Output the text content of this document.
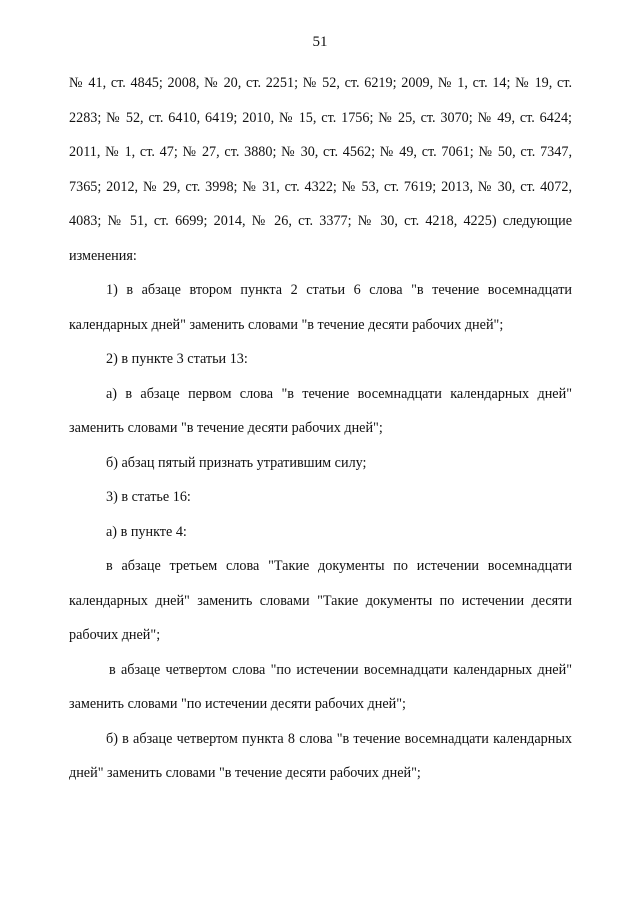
51

№ 41, ст. 4845; 2008, № 20, ст. 2251; № 52, ст. 6219; 2009, № 1, ст. 14; № 19, ст. 2283; № 52, ст. 6410, 6419; 2010, № 15, ст. 1756; № 25, ст. 3070; № 49, ст. 6424; 2011, № 1, ст. 47; № 27, ст. 3880; № 30, ст. 4562; № 49, ст. 7061; № 50, ст. 7347, 7365; 2012, № 29, ст. 3998; № 31, ст. 4322; № 53, ст. 7619; 2013, № 30, ст. 4072, 4083; № 51, ст. 6699; 2014, № 26, ст. 3377; № 30, ст. 4218, 4225) следующие изменения:

1) в абзаце втором пункта 2 статьи 6 слова "в течение восемнадцати календарных дней" заменить словами "в течение десяти рабочих дней";

2) в пункте 3 статьи 13:

а) в абзаце первом слова "в течение восемнадцати календарных дней" заменить словами "в течение десяти рабочих дней";

б) абзац пятый признать утратившим силу;

3) в статье 16:

а) в пункте 4:

в абзаце третьем слова "Такие документы по истечении восемнадцати календарных дней" заменить словами "Такие документы по истечении десяти рабочих дней";

в абзаце четвертом слова "по истечении восемнадцати календарных дней" заменить словами "по истечении десяти рабочих дней";

б) в абзаце четвертом пункта 8 слова "в течение восемнадцати календарных дней" заменить словами "в течение десяти рабочих дней";
